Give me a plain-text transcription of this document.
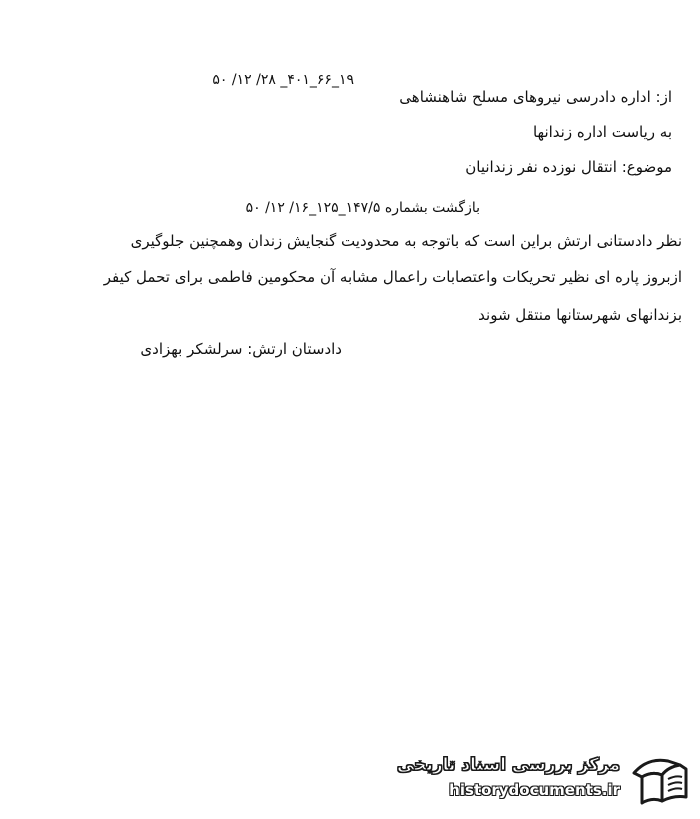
۱۹_۶۶_۴۰۱_ ۲۸/ ۱۲/ ۵۰
از: اداره دادرسی نیروهای مسلح شاهنشاهی
به ریاست اداره زندانها
موضوع: انتقال نوزده نفر زندانیان
بازگشت بشماره ۱۴۷/۵_۱۲۵_۱۶/ ۱۲/ ۵۰
نظر دادستانی ارتش براین است که باتوجه به محدودیت گنجایش زندان وهمچنین جلوگیری
ازبروز پاره ای نظیر تحریکات واعتصابات راعمال مشابه آن محکومین فاطمی برای تحمل کیفر
بزندانهای شهرستانها منتقل شوند
دادستان ارتش: سرلشکر بهزادی
مرکز بررسی اسناد تاریخی
historydocuments.ir
